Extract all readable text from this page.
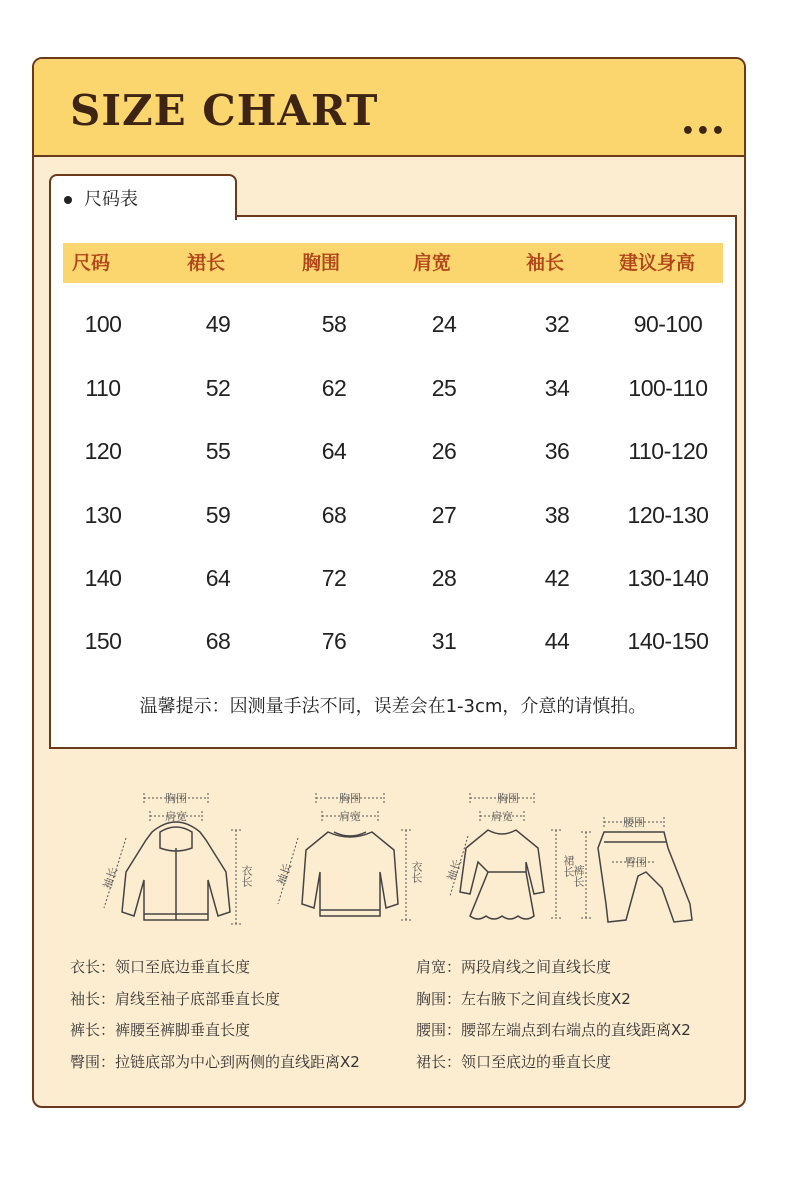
SIZE CHART	•••
尺码表
尺码	裙长	胸围	肩宽	袖长	建议身高
100	49	58	24	32	90-100
110	52	62	25	34	100-110
120	55	64	26	36	110-120
130	59	68	27	38	120-130
140	64	72	28	42	130-140
150	68	76	31	44	140-150
温馨提示：因测量手法不同，误差会在1-3cm，介意的请慎拍。
胸围
肩宽
袖长	衣长
胸围
肩宽
袖长	衣长
胸围
肩宽
袖长	裙长
腰围
臀围
裤长
衣长：领口至底边垂直长度
袖长：肩线至袖子底部垂直长度
裤长：裤腰至裤脚垂直长度
臀围：拉链底部为中心到两侧的直线距离X2
肩宽：两段肩线之间直线长度
胸围：左右腋下之间直线长度X2
腰围：腰部左端点到右端点的直线距离X2
裙长：领口至底边的垂直长度
